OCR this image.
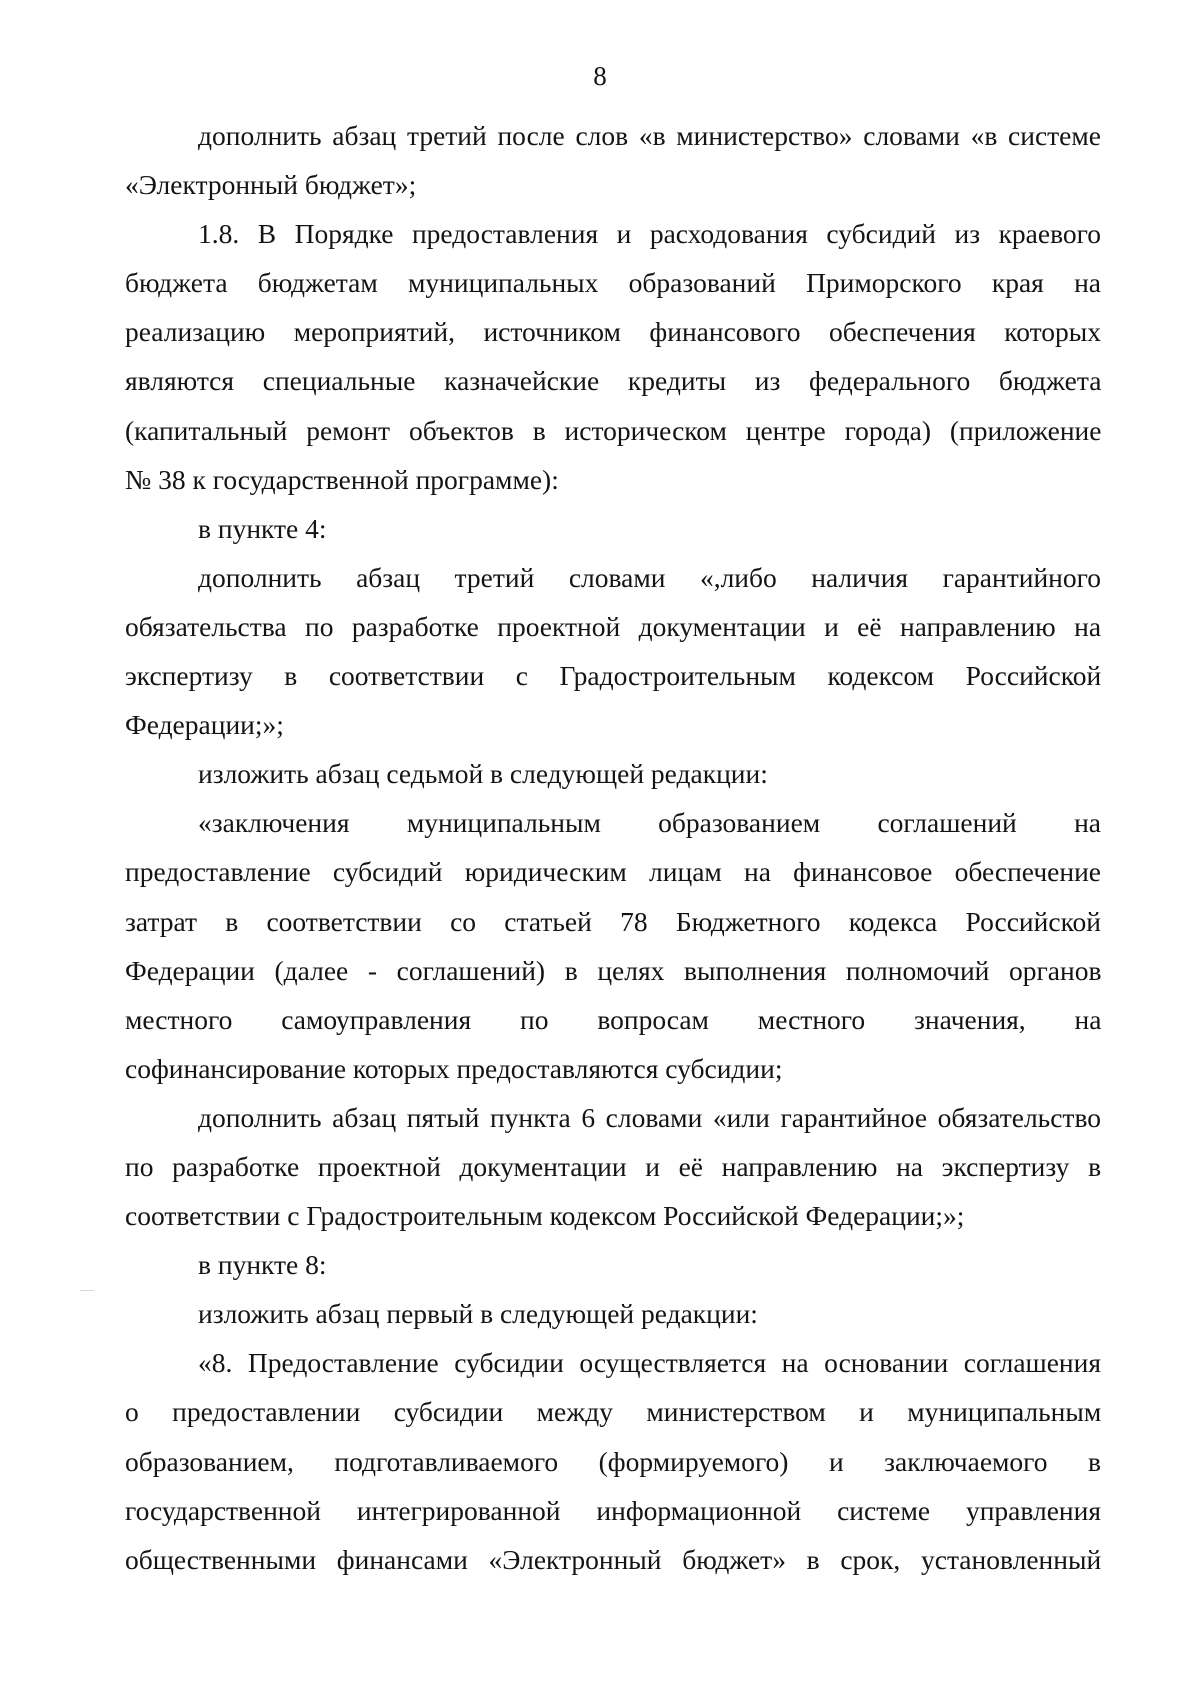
8
дополнить абзац третий после слов «в министерство» словами «в системе
«Электронный бюджет»;
1.8. В Порядке предоставления и расходования субсидий из краевого
бюджета бюджетам муниципальных образований Приморского края на
реализацию мероприятий, источником финансового обеспечения которых
являются специальные казначейские кредиты из федерального бюджета
(капитальный ремонт объектов в историческом центре города) (приложение
№ 38 к государственной программе):
в пункте 4:
дополнить абзац третий словами «,либо наличия гарантийного
обязательства по разработке проектной документации и её направлению на
экспертизу в соответствии с Градостроительным кодексом Российской
Федерации;»;
изложить абзац седьмой в следующей редакции:
«заключения муниципальным образованием соглашений на
предоставление субсидий юридическим лицам на финансовое обеспечение
затрат в соответствии со статьей 78 Бюджетного кодекса Российской
Федерации (далее - соглашений) в целях выполнения полномочий органов
местного самоуправления по вопросам местного значения, на
софинансирование которых предоставляются субсидии;
дополнить абзац пятый пункта 6 словами «или гарантийное обязательство
по разработке проектной документации и её направлению на экспертизу в
соответствии с Градостроительным кодексом Российской Федерации;»;
в пункте 8:
изложить абзац первый в следующей редакции:
«8. Предоставление субсидии осуществляется на основании соглашения
о предоставлении субсидии между министерством и муниципальным
образованием, подготавливаемого (формируемого) и заключаемого в
государственной интегрированной информационной системе управления
общественными финансами «Электронный бюджет» в срок, установленный
